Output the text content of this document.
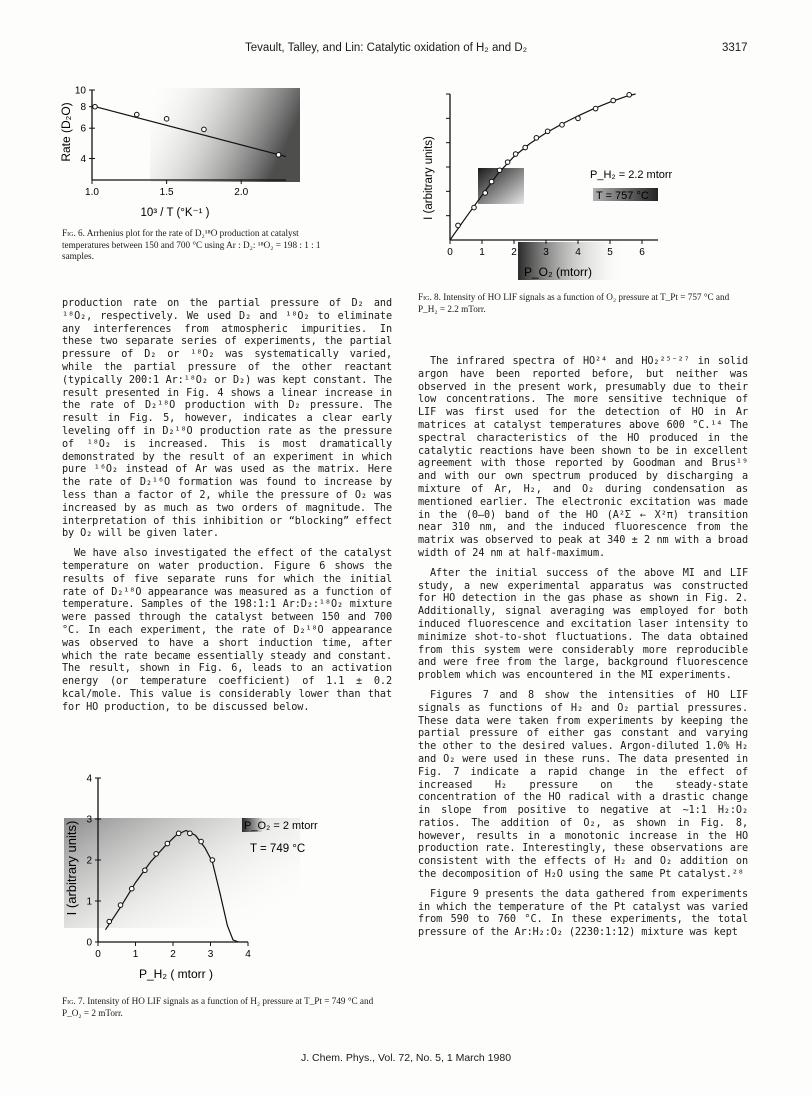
Tevault, Talley, and Lin: Catalytic oxidation of H₂ and D₂	3317
1.0	1.5	2.0
10
8
6
4
Rate (D₂O)
10³ / T (°K⁻¹ )
Fig. 6. Arrhenius plot for the rate of D₂¹⁸O production at catalyst temperatures between 150 and 700 °C using Ar : D₂: ¹⁸O₂ = 198 : 1 : 1 samples.	0	1	2	3	4	5	6
I (arbitrary units)
P_O₂ (mtorr)
P_H₂ = 2.2 mtorr
T = 757 °C
Fig. 8. Intensity of HO LIF signals as a function of O₂ pressure at T_Pt = 757 °C and P_H₂ = 2.2 mTorr.

production rate on the partial pressure of D₂ and ¹⁸O₂, respectively. We used D₂ and ¹⁸O₂ to eliminate any interferences from atmospheric impurities. In these two separate series of experiments, the partial pressure of D₂ or ¹⁸O₂ was systematically varied, while the partial pressure of the other reactant (typically 200:1 Ar:¹⁸O₂ or D₂) was kept constant. The result presented in Fig. 4 shows a linear increase in the rate of D₂¹⁸O production with D₂ pressure. The result in Fig. 5, however, indicates a clear early leveling off in D₂¹⁸O production rate as the pressure of ¹⁸O₂ is increased. This is most dramatically demonstrated by the result of an experiment in which pure ¹⁶O₂ instead of Ar was used as the matrix. Here the rate of D₂¹⁶O formation was found to increase by less than a factor of 2, while the pressure of O₂ was increased by as much as two orders of magnitude. The interpretation of this inhibition or “blocking” effect by O₂ will be given later.

We have also investigated the effect of the catalyst temperature on water production. Figure 6 shows the results of five separate runs for which the initial rate of D₂¹⁸O appearance was measured as a function of temperature. Samples of the 198:1:1 Ar:D₂:¹⁸O₂ mixture were passed through the catalyst between 150 and 700 °C. In each experiment, the rate of D₂¹⁸O appearance was observed to have a short induction time, after which the rate became essentially steady and constant. The result, shown in Fig. 6, leads to an activation energy (or temperature coefficient) of 1.1 ± 0.2 kcal/mole. This value is considerably lower than that for HO production, to be discussed below.

0	1	2	3	4
0
1
2
3
4
I (arbitrary units)
P_H₂ ( mtorr )
P_O₂ = 2 mtorr
T = 749 °C
Fig. 7. Intensity of HO LIF signals as a function of H₂ pressure at T_Pt = 749 °C and P_O₂ = 2 mTorr.

The infrared spectra of HO²⁴ and HO₂²⁵⁻²⁷ in solid argon have been reported before, but neither was observed in the present work, presumably due to their low concentrations. The more sensitive technique of LIF was first used for the detection of HO in Ar matrices at catalyst temperatures above 600 °C.¹⁴ The spectral characteristics of the HO produced in the catalytic reactions have been shown to be in excellent agreement with those reported by Goodman and Brus¹⁹ and with our own spectrum produced by discharging a mixture of Ar, H₂, and O₂ during condensation as mentioned earlier. The electronic excitation was made in the (0–0) band of the HO (A²Σ ← X²π) transition near 310 nm, and the induced fluorescence from the matrix was observed to peak at 340 ± 2 nm with a broad width of 24 nm at half-maximum.

After the initial success of the above MI and LIF study, a new experimental apparatus was constructed for HO detection in the gas phase as shown in Fig. 2. Additionally, signal averaging was employed for both induced fluorescence and excitation laser intensity to minimize shot-to-shot fluctuations. The data obtained from this system were considerably more reproducible and were free from the large, background fluorescence problem which was encountered in the MI experiments.

Figures 7 and 8 show the intensities of HO LIF signals as functions of H₂ and O₂ partial pressures. These data were taken from experiments by keeping the partial pressure of either gas constant and varying the other to the desired values. Argon-diluted 1.0% H₂ and O₂ were used in these runs. The data presented in Fig. 7 indicate a rapid change in the effect of increased H₂ pressure on the steady-state concentration of the HO radical with a drastic change in slope from positive to negative at ~1:1 H₂:O₂ ratios. The addition of O₂, as shown in Fig. 8, however, results in a monotonic increase in the HO production rate. Interestingly, these observations are consistent with the effects of H₂ and O₂ addition on the decomposition of H₂O using the same Pt catalyst.²⁸

Figure 9 presents the data gathered from experiments in which the temperature of the Pt catalyst was varied from 590 to 760 °C. In these experiments, the total pressure of the Ar:H₂:O₂ (2230:1:12) mixture was kept

J. Chem. Phys., Vol. 72, No. 5, 1 March 1980
